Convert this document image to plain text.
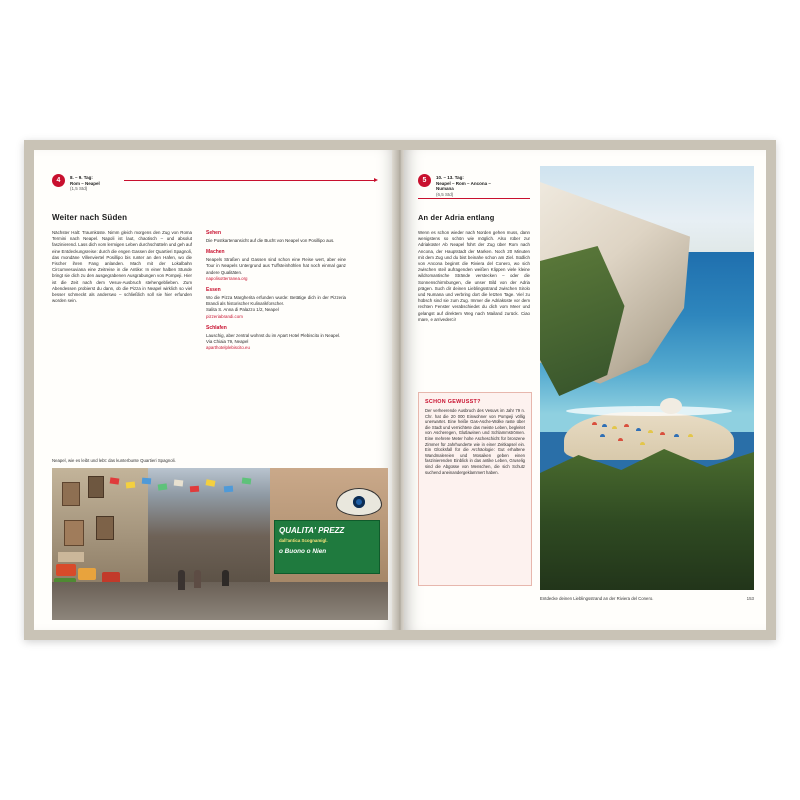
4	8. – 9. Tag:
Rom – Neapel
(1,5 Std)
Weiter nach Süden

Nächster Halt: Traumküste. Nimm gleich morgens den Zug von Roma Termini nach Neapel. Napoli ist laut, chaotisch – und absolut faszinierend. Lass dich vom lermigen Leben durchschütteln und geh auf eine Entdeckungsreise: durch die engen Gassen der Quartieri Spagnoli, das mondäne Villenviertel Posillipo bis runter an den Hafen, wo die Fischer ihren Fang anlanden. Mach mit der Lokalbahn Circumvesuviana eine Zeitreise in die Antike: In einer halben Stunde bringt sie dich zu den ausgegrabenen Ausgrabungen von Pompeji. Hier ist die Zeit nach dem Vesuv-Ausbruch stehengeblieben. Zum Abendessen probierst du dann, ob die Pizza in Neapel wirklich so viel besser schmeckt als anderswo – schließlich soll sie hier erfunden worden sein.

Sehen

Die Postkartenansicht auf die Bucht von Neapel von Posillipo aus.

Machen

Neapels Straßen und Gassen sind schon eine Reise wert, aber eine Tour in Neapels Untergrund aus Tuffsteinhöhlen hat noch einmal ganz andere Qualitäten.

napolisotterranea.org

Essen

Wo die Pizza Margherita erfunden wurde: Betätige dich in der Pizzeria Brandi als historischer Kulinarikforscher.

Salita S. Anna di Palazzo 1/2, Neapel

pizzeriabrandi.com

Schlafen

Lauschig, aber zentral wohnst du im Apart Hotel Plebiscito in Neapel.

Via Chiaia 79, Neapel

aparthotelplebiscito.eu

Neapel, wie es leibt und lebt: das kunterbunte Quartieri Spagnoli.
QUALITA' PREZZ
dall'antica Scognamigl.
o Buono o Nien
5	10. – 13. Tag:
Neapel – Rom – Ancona –
Numana
(6,5 Std)
An der Adria entlang

Wenn es schon wieder nach Norden gehen muss, dann wenigstens so schön wie möglich. Also rüber zur Adriaküste! Ab Neapel führt der Zug über Rom nach Ancona, der Hauptstadt der Marken. Noch 20 Minuten mit dem Zug und du bist beinahe schon am Ziel. Südlich von Ancona beginnt die Riviera del Conero, wo sich zwischen steil aufragenden weißen Klippen viele kleine wildromantische Strände verstecken – oder die Sonnenschirmbungen, die unser Bild von der Adria prägen. Such dir deinen Lieblingsstrand zwischen Sirolo und Numana und verbring dort die letzten Tage. Viel zu hübsch sind sie zum Zug. Immer die Adriaküste vor dem rechten Fenster verabschiedet du dich vom Meer und gelangst auf direktem Weg nach Mailand zurück. Ciao mare, e arrivederci!

SCHON GEWUSST?

Der verheerende Ausbruch des Vesuvs im Jahr 79 n. Chr. hat die 20 000 Einwohner von Pompeji völlig unerwartet. Eine heiße Gas-Asche-Wolke raste über die Stadt und vernichtete das meiste Leben, begleitet von Ascheregen, Glutlawinen und Schlammströmen. Eine mehrere Meter hohe Ascheschicht für bronzene Zimmer für Jahrhunderte wie in einer Zeitkapsel ein. Ein Glücksfall für die Archäologie: Gut erhaltene Wandmalereien und Mosaiken geben einen faszinierenden Einblick in das antike Leben, Gruselig sind die Abgüsse von Menschen, die sich Schutz suchend aneinandergeklammert haben.

Entdecke deinen Lieblingsstrand an der Riviera del Conero.	153
